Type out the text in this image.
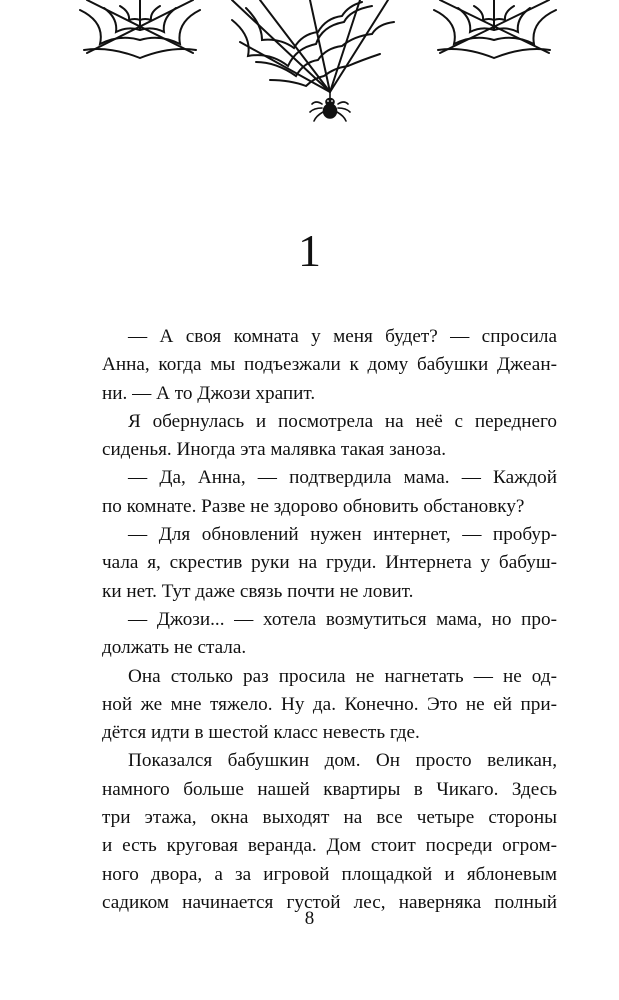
1
— А своя комната у меня будет? — спросила
Анна, когда мы подъезжали к дому бабушки Джеан-
ни. — А то Джози храпит.
Я обернулась и посмотрела на неё с переднего
сиденья. Иногда эта малявка такая заноза.
— Да, Анна, — подтвердила мама. — Каждой
по комнате. Разве не здорово обновить обстановку?
— Для обновлений нужен интернет, — пробур-
чала я, скрестив руки на груди. Интернета у бабуш-
ки нет. Тут даже связь почти не ловит.
— Джози... — хотела возмутиться мама, но про-
должать не стала.
Она столько раз просила не нагнетать — не од-
ной же мне тяжело. Ну да. Конечно. Это не ей при-
дётся идти в шестой класс невесть где.
Показался бабушкин дом. Он просто великан,
намного больше нашей квартиры в Чикаго. Здесь
три этажа, окна выходят на все четыре стороны
и есть круговая веранда. Дом стоит посреди огром-
ного двора, а за игровой площадкой и яблоневым
садиком начинается густой лес, наверняка полный
8
